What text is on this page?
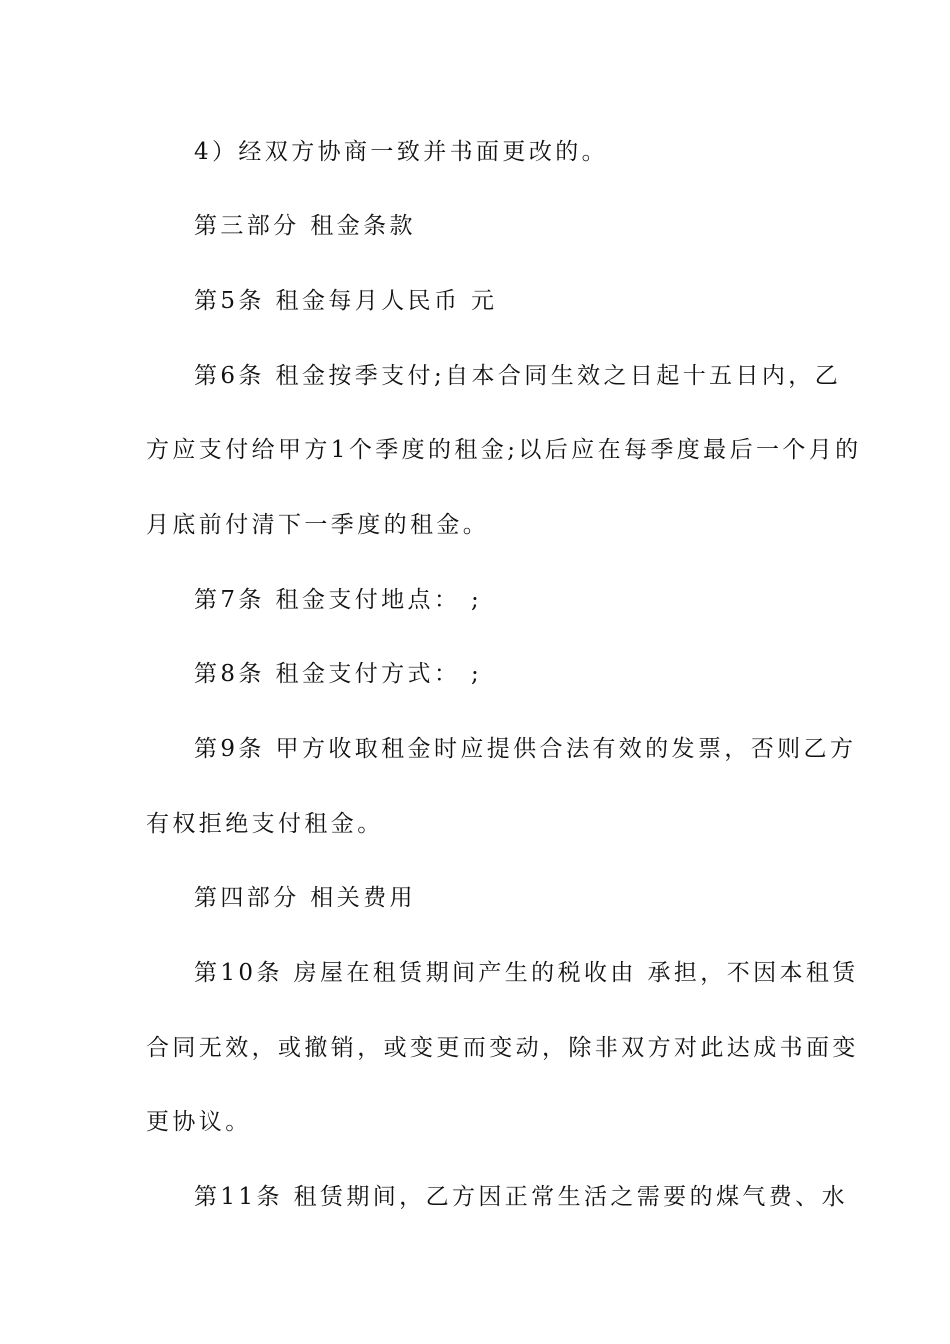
4）经双方协商一致并书面更改的。
第三部分 租金条款
第5条 租金每月人民币 元
第6条 租金按季支付;自本合同生效之日起十五日内，乙
方应支付给甲方1个季度的租金;以后应在每季度最后一个月的
月底前付清下一季度的租金。
第7条 租金支付地点： ;
第8条 租金支付方式： ;
第9条 甲方收取租金时应提供合法有效的发票，否则乙方
有权拒绝支付租金。
第四部分 相关费用
第10条 房屋在租赁期间产生的税收由 承担，不因本租赁
合同无效，或撤销，或变更而变动，除非双方对此达成书面变
更协议。
第11条 租赁期间，乙方因正常生活之需要的煤气费、水
